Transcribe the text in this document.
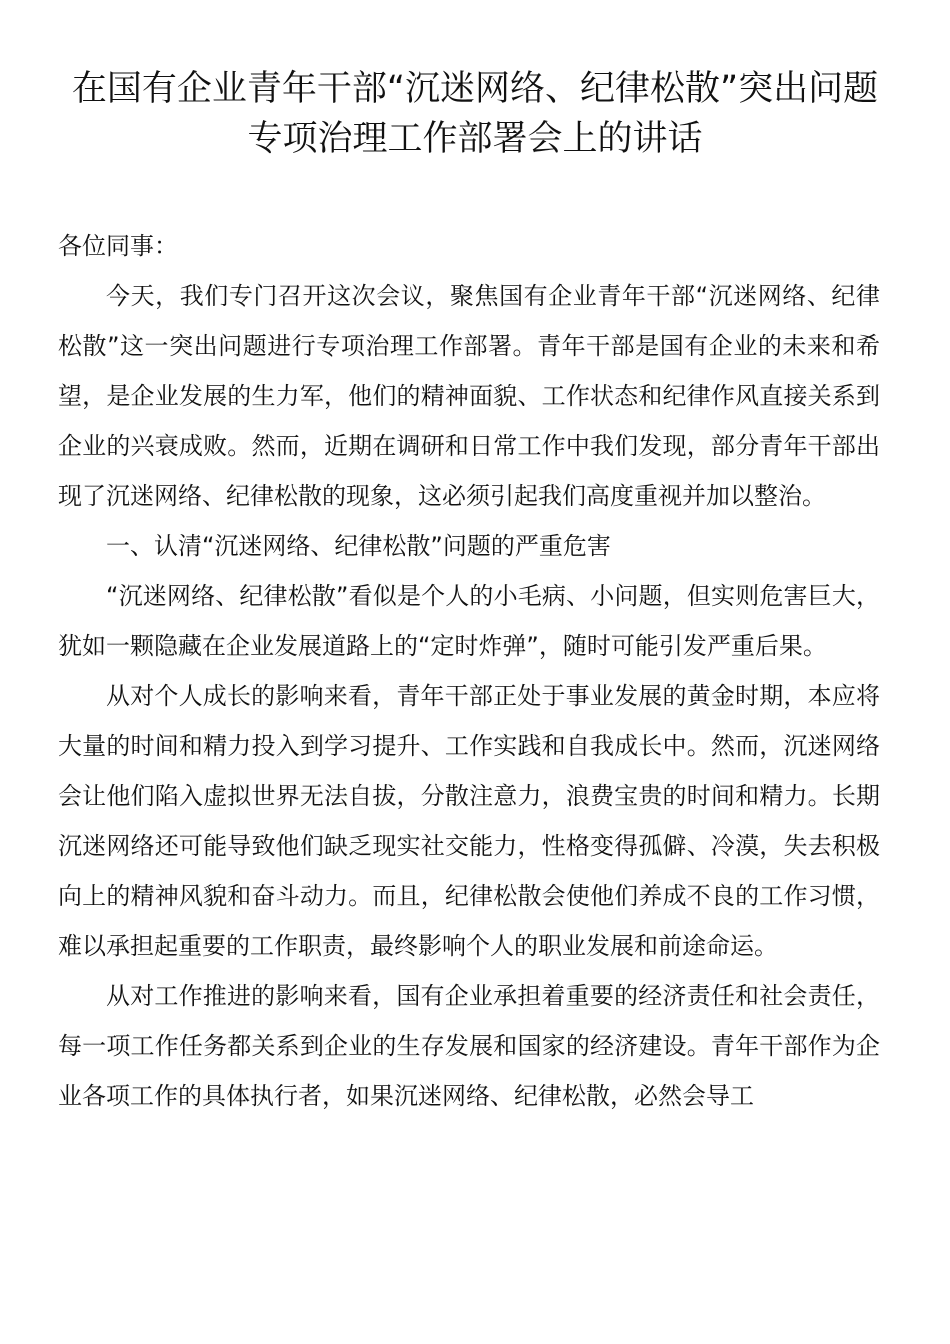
在国有企业青年干部“沉迷网络、纪律松散”突出问题专项治理工作部署会上的讲话

各位同事：

今天，我们专门召开这次会议，聚焦国有企业青年干部“沉迷网络、纪律松散”这一突出问题进行专项治理工作部署。青年干部是国有企业的未来和希望，是企业发展的生力军，他们的精神面貌、工作状态和纪律作风直接关系到企业的兴衰成败。然而，近期在调研和日常工作中我们发现，部分青年干部出现了沉迷网络、纪律松散的现象，这必须引起我们高度重视并加以整治。

一、认清“沉迷网络、纪律松散”问题的严重危害

“沉迷网络、纪律松散”看似是个人的小毛病、小问题，但实则危害巨大，犹如一颗隐藏在企业发展道路上的“定时炸弹”，随时可能引发严重后果。

从对个人成长的影响来看，青年干部正处于事业发展的黄金时期，本应将大量的时间和精力投入到学习提升、工作实践和自我成长中。然而，沉迷网络会让他们陷入虚拟世界无法自拔，分散注意力，浪费宝贵的时间和精力。长期沉迷网络还可能导致他们缺乏现实社交能力，性格变得孤僻、冷漠，失去积极向上的精神风貌和奋斗动力。而且，纪律松散会使他们养成不良的工作习惯，难以承担起重要的工作职责，最终影响个人的职业发展和前途命运。

从对工作推进的影响来看，国有企业承担着重要的经济责任和社会责任，每一项工作任务都关系到企业的生存发展和国家的经济建设。青年干部作为企业各项工作的具体执行者，如果沉迷网络、纪律松散，必然会导工
